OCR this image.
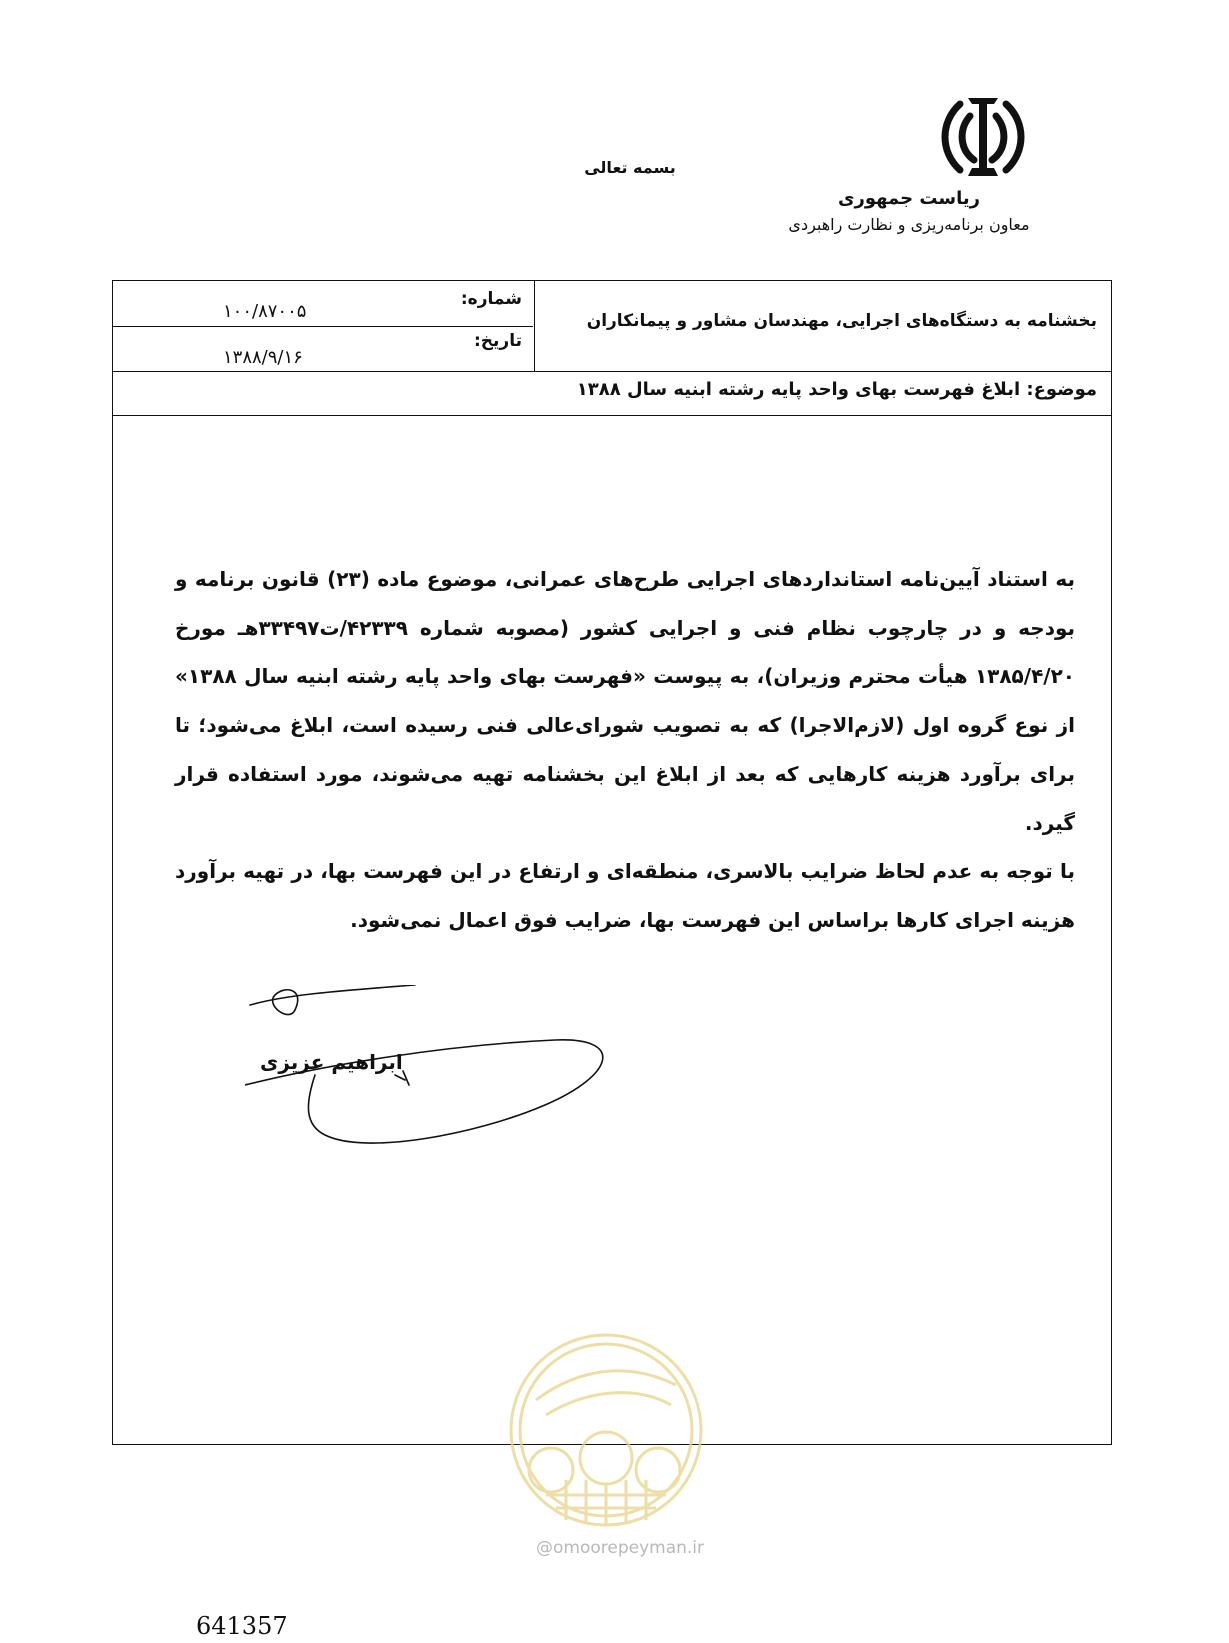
ریاست جمهوری
معاون برنامه‌ریزی و نظارت راهبردی
بسمه تعالی
شماره:
۱۰۰/۸۷۰۰۵
تاریخ:
۱۳۸۸/۹/۱۶
بخشنامه به دستگاه‌های اجرایی، مهندسان مشاور و پیمانکاران
موضوع: ابلاغ فهرست بهای واحد پایه رشته ابنیه سال ۱۳۸۸

به استناد آیین‌نامه استانداردهای اجرایی طرح‌های عمرانی، موضوع ماده (۲۳) قانون برنامه و بودجه و در چارچوب نظام فنی و اجرایی کشور (مصوبه شماره ۴۲۳۳۹/ت۳۳۴۹۷هـ مورخ ۱۳۸۵/۴/۲۰ هیأت محترم وزیران)، به پیوست «فهرست بهای واحد پایه رشته ابنیه سال ۱۳۸۸» از نوع گروه اول (لازم‌الاجرا) که به تصویب شورای‌عالی فنی رسیده است، ابلاغ می‌شود؛ تا برای برآورد هزینه کارهایی که بعد از ابلاغ این بخشنامه تهیه می‌شوند، مورد استفاده قرار گیرد.

با توجه به عدم لحاظ ضرایب بالاسری، منطقه‌ای و ارتفاع در این فهرست بها، در تهیه برآورد هزینه اجرای کارها براساس این فهرست بها، ضرایب فوق اعمال نمی‌شود.

ابراهیم عزیزی
@omoorepeyman.ir
641357
